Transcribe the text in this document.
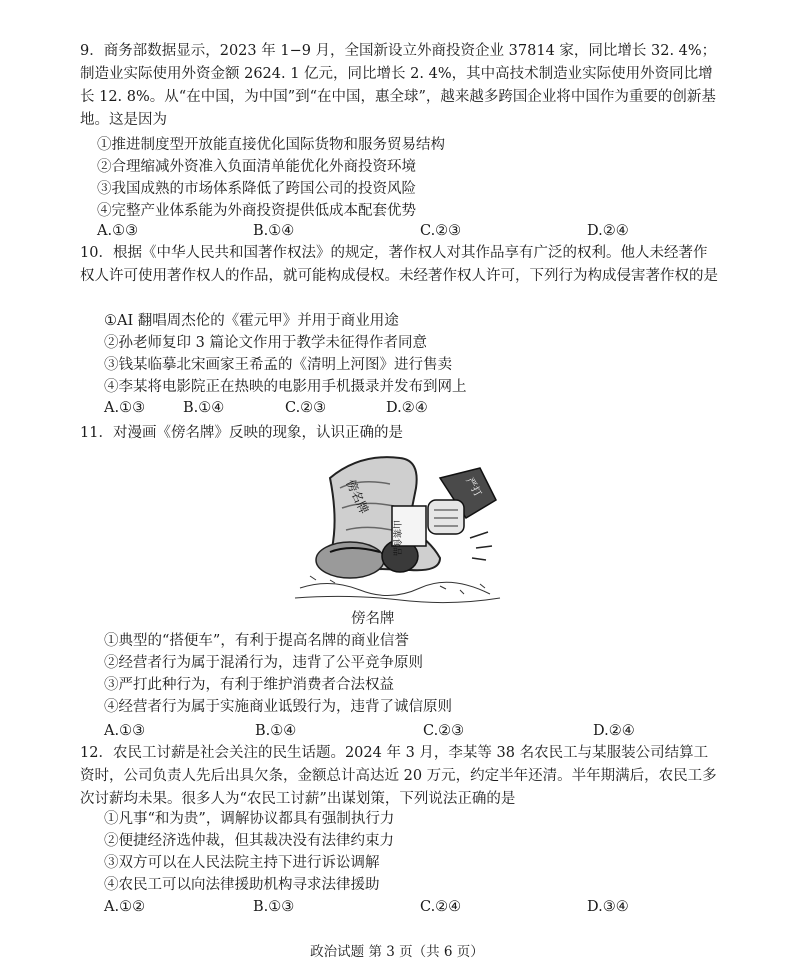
9．商务部数据显示，2023 年 1−9 月，全国新设立外商投资企业 37814 家，同比增长 32. 4%；制造业实际使用外资金额 2624. 1 亿元，同比增长 2. 4%，其中高技术制造业实际使用外资同比增长 12. 8%。从“在中国，为中国”到“在中国，惠全球”，越来越多跨国企业将中国作为重要的创新基地。这是因为

①推进制度型开放能直接优化国际货物和服务贸易结构
②合理缩减外资准入负面清单能优化外商投资环境
③我国成熟的市场体系降低了跨国公司的投资风险
④完整产业体系能为外商投资提供低成本配套优势
A.①③	B.①④	C.②③	D.②④

10．根据《中华人民共和国著作权法》的规定，著作权人对其作品享有广泛的权利。他人未经著作权人许可使用著作权人的作品，就可能构成侵权。未经著作权人许可，下列行为构成侵害著作权的是

①AI 翻唱周杰伦的《霍元甲》并用于商业用途
②孙老师复印 3 篇论文作用于教学未征得作者同意
③钱某临摹北宋画家王希孟的《清明上河图》进行售卖
④李某将电影院正在热映的电影用手机摄录并发布到网上
A.①③	B.①④	C.②③	D.②④

11．对漫画《傍名牌》反映的现象，认识正确的是

傍名牌
山寨食品
严打
傍名牌
①典型的“搭便车”，有利于提高名牌的商业信誉
②经营者行为属于混淆行为，违背了公平竞争原则
③严打此种行为，有利于维护消费者合法权益
④经营者行为属于实施商业诋毁行为，违背了诚信原则
A.①③	B.①④	C.②③	D.②④

12．农民工讨薪是社会关注的民生话题。2024 年 3 月，李某等 38 名农民工与某服装公司结算工资时，公司负责人先后出具欠条，金额总计高达近 20 万元，约定半年还清。半年期满后，农民工多次讨薪均未果。很多人为“农民工讨薪”出谋划策，下列说法正确的是

①凡事“和为贵”，调解协议都具有强制执行力
②便捷经济选仲裁，但其裁决没有法律约束力
③双方可以在人民法院主持下进行诉讼调解
④农民工可以向法律援助机构寻求法律援助
A.①②	B.①③	C.②④	D.③④
政治试题 第 3 页（共 6 页）
